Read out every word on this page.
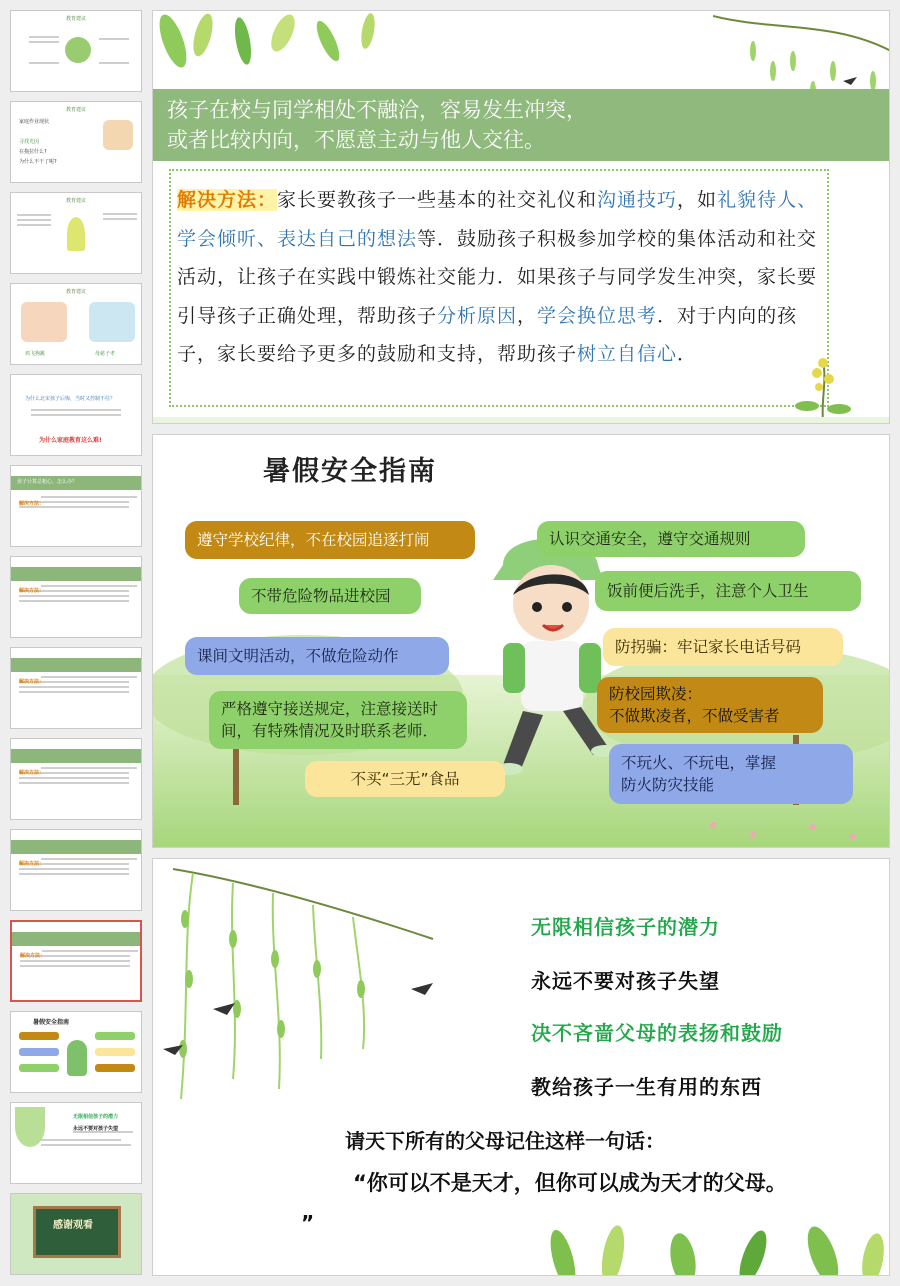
教育建议
教育建议
家庭作业现状
寻找光因
在拖拉什么?
为什么不干了呢?
教育建议
教育建议
鸡飞狗跳	母慈子孝
为什么北宋孩子后悔，当时又控制不住？
为什么家庭教育这么难!
孩子计算总粗心，怎么办？
解决方法：
解决方法：
解决方法：
解决方法：
解决方法：
解决方法：
暑假安全指南
无限相信孩子的潜力
永远不要对孩子失望
感谢观看
孩子在校与同学相处不融洽，容易发生冲突，
或者比较内向，不愿意主动与他人交往。
解决方法：家长要教孩子一些基本的社交礼仪和沟通技巧，如礼貌待人、学会倾听、表达自己的想法等．鼓励孩子积极参加学校的集体活动和社交活动，让孩子在实践中锻炼社交能力．如果孩子与同学发生冲突，家长要引导孩子正确处理，帮助孩子分析原因，学会换位思考．对于内向的孩子，家长要给予更多的鼓励和支持，帮助孩子树立自信心．
暑假安全指南
遵守学校纪律，不在校园追逐打闹	认识交通安全，遵守交通规则
不带危险物品进校园	饭前便后洗手，注意个人卫生
防拐骗：牢记家长电话号码
课间文明活动，不做危险动作
防校园欺凌：
不做欺凌者，不做受害者
严格遵守接送规定，注意接送时
间，有特殊情况及时联系老师．
不玩火、不玩电，掌握
防火防灾技能
不买“三无”食品
无限相信孩子的潜力
永远不要对孩子失望
决不吝啬父母的表扬和鼓励
教给孩子一生有用的东西
请天下所有的父母记住这样一句话：
“你可以不是天才，但你可以成为天才的父母。
”
